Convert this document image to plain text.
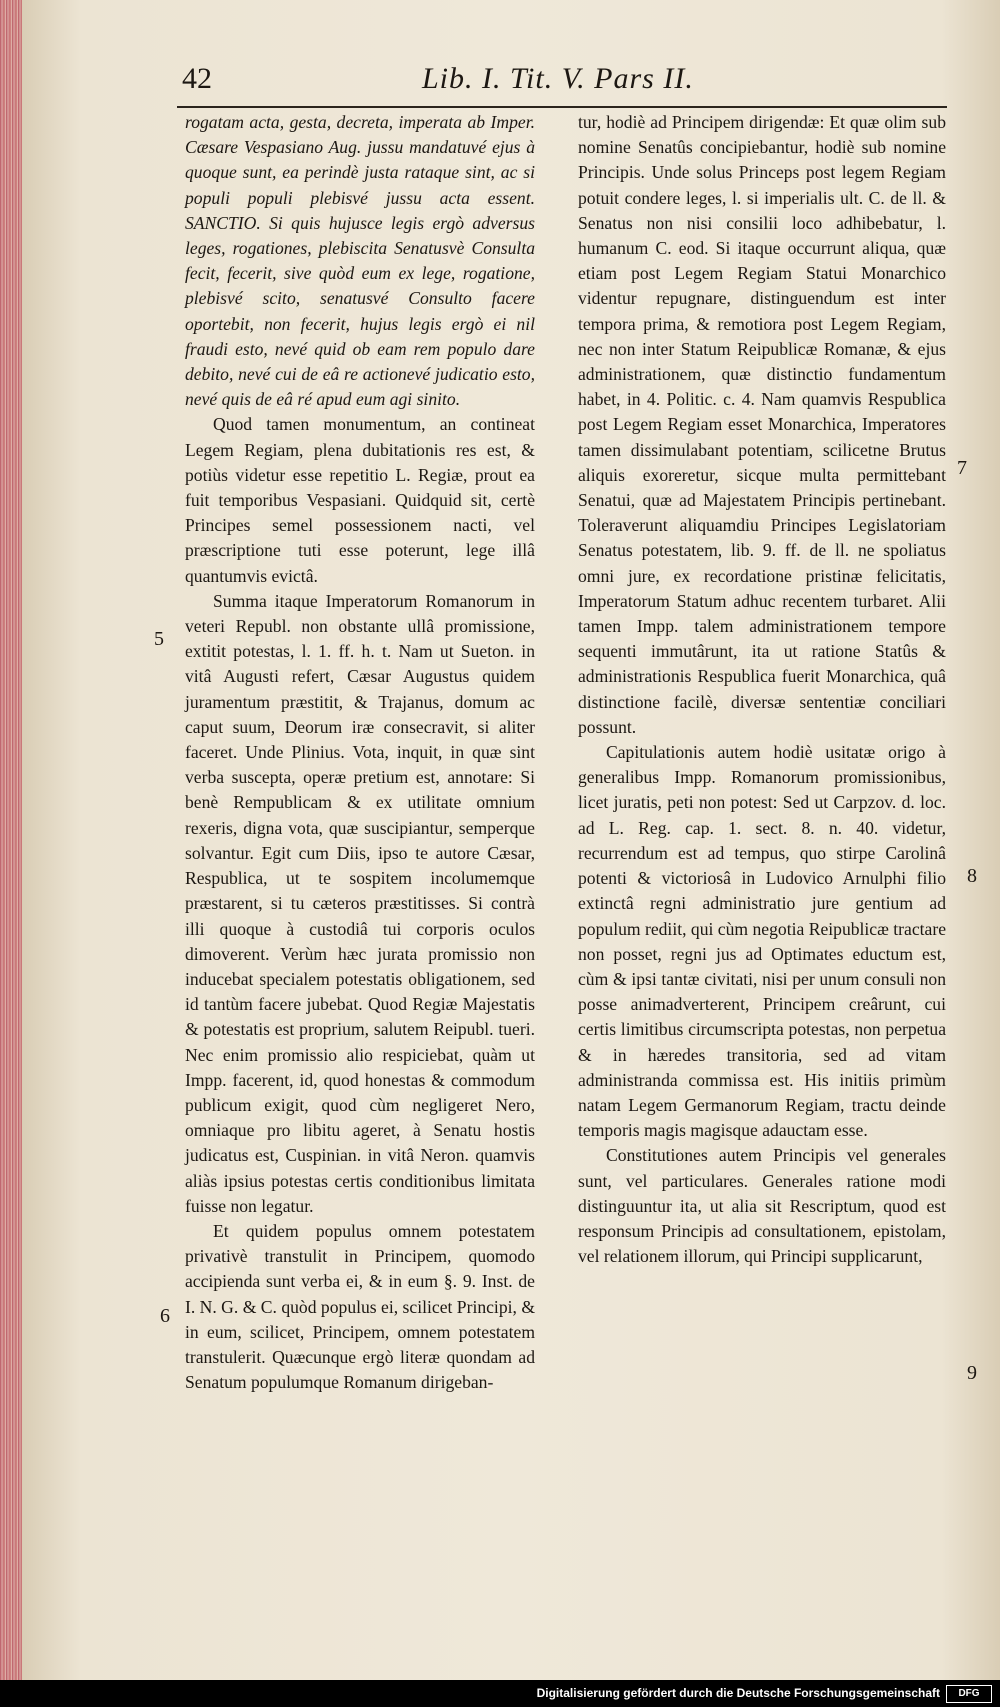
42	Lib. I. Tit. V. Pars II.

rogatam acta, gesta, decreta, imperata ab Imper. Cæsare Vespasiano Aug. jussu mandatuvé ejus à quoque sunt, ea perindè justa rataque sint, ac si populi populi plebisvé jussu acta essent. SANCTIO. Si quis hujusce legis ergò adversus leges, rogationes, plebiscita Senatusvè Consulta fecit, fecerit, sive quòd eum ex lege, rogatione, plebisvé scito, senatusvé Consulto facere oportebit, non fecerit, hujus legis ergò ei nil fraudi esto, nevé quid ob eam rem populo dare debito, nevé cui de eâ re actionevé judicatio esto, nevé quis de eâ ré apud eum agi sinito.

Quod tamen monumentum, an contineat Legem Regiam, plena dubitationis res est, & potiùs videtur esse repetitio L. Regiæ, prout ea fuit temporibus Vespasiani. Quidquid sit, certè Principes semel possessionem nacti, vel præscriptione tuti esse poterunt, lege illâ quantumvis evictâ.

Summa itaque Imperatorum Romanorum in veteri Republ. non obstante ullâ promissione, extitit potestas, l. 1. ff. h. t. Nam ut Sueton. in vitâ Augusti refert, Cæsar Augustus quidem juramentum præstitit, & Trajanus, domum ac caput suum, Deorum iræ consecravit, si aliter faceret. Unde Plinius. Vota, inquit, in quæ sint verba suscepta, operæ pretium est, annotare: Si benè Rempublicam & ex utilitate omnium rexeris, digna vota, quæ suscipiantur, semperque solvantur. Egit cum Diis, ipso te autore Cæsar, Respublica, ut te sospitem incolumemque præstarent, si tu cæteros præstitisses. Si contrà illi quoque à custodiâ tui corporis oculos dimoverent. Verùm hæc jurata promissio non inducebat specialem potestatis obligationem, sed id tantùm facere jubebat. Quod Regiæ Majestatis & potestatis est proprium, salutem Reipubl. tueri. Nec enim promissio alio respiciebat, quàm ut Impp. facerent, id, quod honestas & commodum publicum exigit, quod cùm negligeret Nero, omniaque pro libitu ageret, à Senatu hostis judicatus est, Cuspinian. in vitâ Neron. quamvis aliàs ipsius potestas certis conditionibus limitata fuisse non legatur.

Et quidem populus omnem potestatem privativè transtulit in Principem, quomodo accipienda sunt verba ei, & in eum §. 9. Inst. de I. N. G. & C. quòd populus ei, scilicet Principi, & in eum, scilicet, Principem, omnem potestatem transtulerit. Quæcunque ergò literæ quondam ad Senatum populumque Romanum dirigeban-

tur, hodiè ad Principem dirigendæ: Et quæ olim sub nomine Senatûs concipiebantur, hodiè sub nomine Principis. Unde solus Princeps post legem Regiam potuit condere leges, l. si imperialis ult. C. de ll. & Senatus non nisi consilii loco adhibebatur, l. humanum C. eod. Si itaque occurrunt aliqua, quæ etiam post Legem Regiam Statui Monarchico videntur repugnare, distinguendum est inter tempora prima, & remotiora post Legem Regiam, nec non inter Statum Reipublicæ Romanæ, & ejus administrationem, quæ distinctio fundamentum habet, in 4. Politic. c. 4. Nam quamvis Respublica post Legem Regiam esset Monarchica, Imperatores tamen dissimulabant potentiam, scilicetne Brutus aliquis exoreretur, sicque multa permittebant Senatui, quæ ad Majestatem Principis pertinebant. Toleraverunt aliquamdiu Principes Legislatoriam Senatus potestatem, lib. 9. ff. de ll. ne spoliatus omni jure, ex recordatione pristinæ felicitatis, Imperatorum Statum adhuc recentem turbaret. Alii tamen Impp. talem administrationem tempore sequenti immutârunt, ita ut ratione Statûs & administrationis Respublica fuerit Monarchica, quâ distinctione facilè, diversæ sententiæ conciliari possunt.

Capitulationis autem hodiè usitatæ origo à generalibus Impp. Romanorum promissionibus, licet juratis, peti non potest: Sed ut Carpzov. d. loc. ad L. Reg. cap. 1. sect. 8. n. 40. videtur, recurrendum est ad tempus, quo stirpe Carolinâ potenti & victoriosâ in Ludovico Arnulphi filio extinctâ regni administratio jure gentium ad populum rediit, qui cùm negotia Reipublicæ tractare non posset, regni jus ad Optimates eductum est, cùm & ipsi tantæ civitati, nisi per unum consuli non posse animadverterent, Principem creârunt, cui certis limitibus circumscripta potestas, non perpetua & in hæredes transitoria, sed ad vitam administranda commissa est. His initiis primùm natam Legem Germanorum Regiam, tractu deinde temporis magis magisque adauctam esse.

Constitutiones autem Principis vel generales sunt, vel particulares. Generales ratione modi distinguuntur ita, ut alia sit Rescriptum, quod est responsum Principis ad consultationem, epistolam, vel relationem illorum, qui Principi supplicarunt,

5
6
7
8
9
Digitalisierung gefördert durch die Deutsche Forschungsgemeinschaft	DFG
